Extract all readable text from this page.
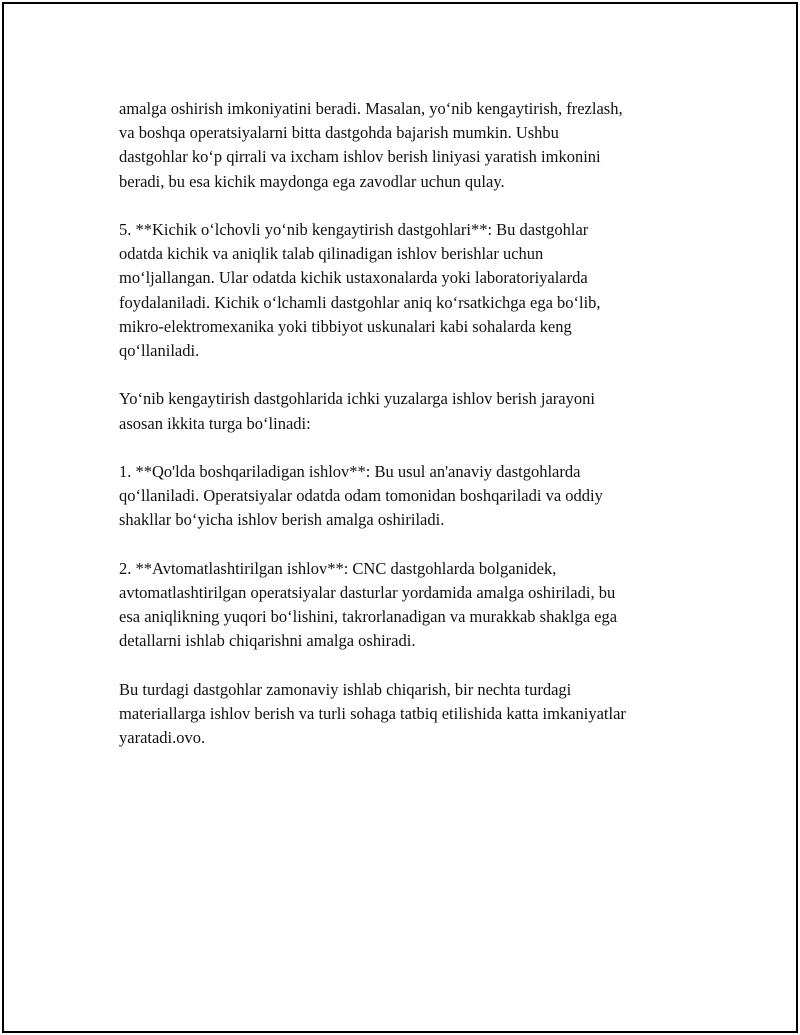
amalga oshirish imkoniyatini beradi. Masalan, yo‘nib kengaytirish, frezlash,
va boshqa operatsiyalarni bitta dastgohda bajarish mumkin. Ushbu
dastgohlar ko‘p qirrali va ixcham ishlov berish liniyasi yaratish imkonini
beradi, bu esa kichik maydonga ega zavodlar uchun qulay.

5. **Kichik o‘lchovli yo‘nib kengaytirish dastgohlari**: Bu dastgohlar
odatda kichik va aniqlik talab qilinadigan ishlov berishlar uchun
mo‘ljallangan. Ular odatda kichik ustaxonalarda yoki laboratoriyalarda
foydalaniladi. Kichik o‘lchamli dastgohlar aniq ko‘rsatkichga ega bo‘lib,
mikro-elektromexanika yoki tibbiyot uskunalari kabi sohalarda keng
qo‘llaniladi.

Yo‘nib kengaytirish dastgohlarida ichki yuzalarga ishlov berish jarayoni
asosan ikkita turga bo‘linadi:

1. **Qo'lda boshqariladigan ishlov**: Bu usul an'anaviy dastgohlarda
qo‘llaniladi. Operatsiyalar odatda odam tomonidan boshqariladi va oddiy
shakllar bo‘yicha ishlov berish amalga oshiriladi.

2. **Avtomatlashtirilgan ishlov**: CNC dastgohlarda bolganidek,
avtomatlashtirilgan operatsiyalar dasturlar yordamida amalga oshiriladi, bu
esa aniqlikning yuqori bo‘lishini, takrorlanadigan va murakkab shaklga ega
detallarni ishlab chiqarishni amalga oshiradi.

Bu turdagi dastgohlar zamonaviy ishlab chiqarish, bir nechta turdagi
materiallarga ishlov berish va turli sohaga tatbiq etilishida katta imkaniyatlar
yaratadi.ovo.
